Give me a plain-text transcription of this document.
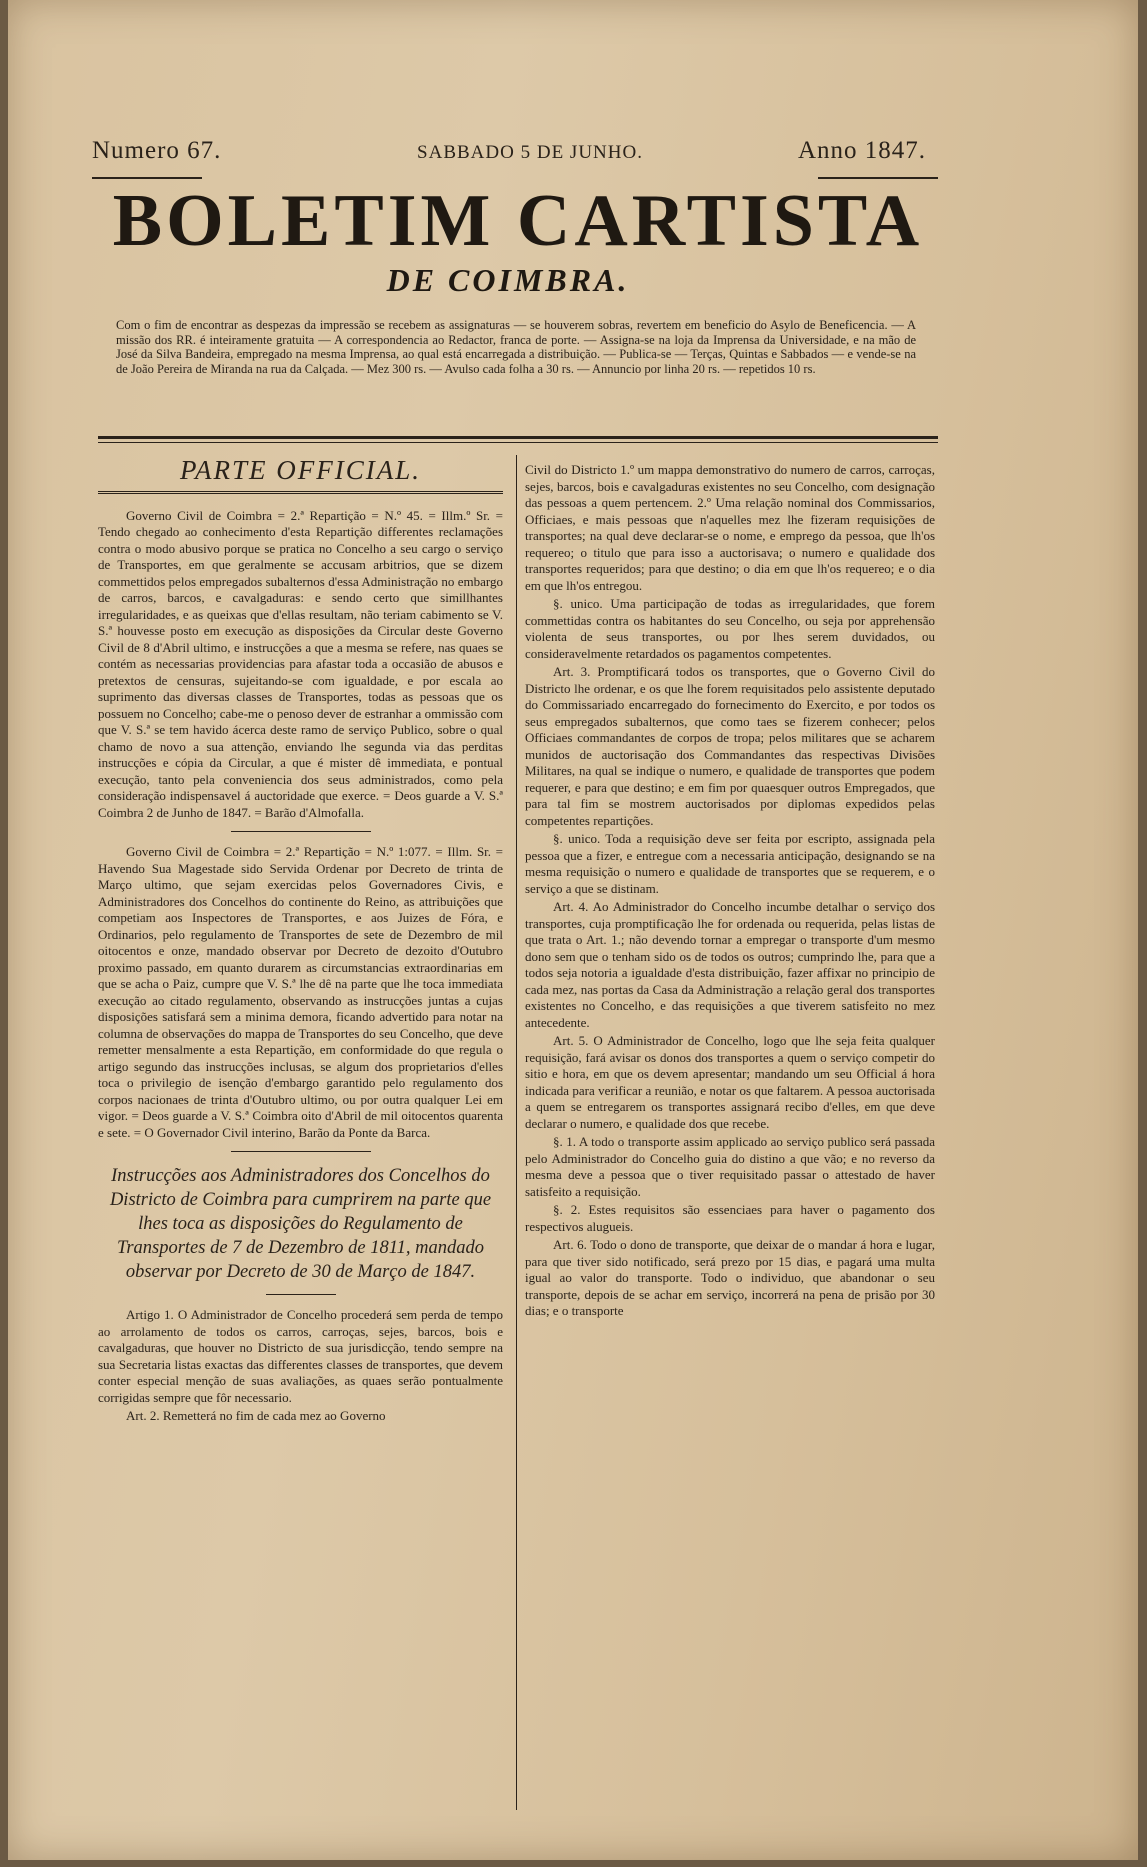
Numero 67.	SABBADO 5 DE JUNHO.	Anno 1847.
BOLETIM CARTISTA
DE COIMBRA.
Com o fim de encontrar as despezas da impressão se recebem as assignaturas — se houverem sobras, revertem em beneficio do Asylo de Beneficencia. — A missão dos RR. é inteiramente gratuita — A correspondencia ao Redactor, franca de porte. — Assigna-se na loja da Imprensa da Universidade, e na mão de José da Silva Bandeira, empregado na mesma Imprensa, ao qual está encarregada a distribuição. — Publica-se — Terças, Quintas e Sabbados — e vende-se na de João Pereira de Miranda na rua da Calçada. — Mez 300 rs. — Avulso cada folha a 30 rs. — Annuncio por linha 20 rs. — repetidos 10 rs.
PARTE OFFICIAL.

Governo Civil de Coimbra = 2.ª Repartição = N.º 45. = Illm.º Sr. = Tendo chegado ao conhecimento d'esta Repartição differentes reclamações contra o modo abusivo porque se pratica no Concelho a seu cargo o serviço de Transportes, em que geralmente se accusam arbitrios, que se dizem commettidos pelos empregados subalternos d'essa Administração no embargo de carros, barcos, e cavalgaduras: e sendo certo que simillhantes irregularidades, e as queixas que d'ellas resultam, não teriam cabimento se V. S.ª houvesse posto em execução as disposições da Circular deste Governo Civil de 8 d'Abril ultimo, e instrucções a que a mesma se refere, nas quaes se contém as necessarias providencias para afastar toda a occasião de abusos e pretextos de censuras, sujeitando-se com igualdade, e por escala ao suprimento das diversas classes de Transportes, todas as pessoas que os possuem no Concelho; cabe-me o penoso dever de estranhar a ommissão com que V. S.ª se tem havido ácerca deste ramo de serviço Publico, sobre o qual chamo de novo a sua attenção, enviando lhe segunda via das perditas instrucções e cópia da Circular, a que é mister dê immediata, e pontual execução, tanto pela conveniencia dos seus administrados, como pela consideração indispensavel á auctoridade que exerce. = Deos guarde a V. S.ª Coimbra 2 de Junho de 1847. = Barão d'Almofalla.

Governo Civil de Coimbra = 2.ª Repartição = N.º 1:077. = Illm. Sr. = Havendo Sua Magestade sido Servida Ordenar por Decreto de trinta de Março ultimo, que sejam exercidas pelos Governadores Civis, e Administradores dos Concelhos do continente do Reino, as attribuições que competiam aos Inspectores de Transportes, e aos Juizes de Fóra, e Ordinarios, pelo regulamento de Transportes de sete de Dezembro de mil oitocentos e onze, mandado observar por Decreto de dezoito d'Outubro proximo passado, em quanto durarem as circumstancias extraordinarias em que se acha o Paiz, cumpre que V. S.ª lhe dê na parte que lhe toca immediata execução ao citado regulamento, observando as instrucções juntas a cujas disposições satisfará sem a minima demora, ficando advertido para notar na columna de observações do mappa de Transportes do seu Concelho, que deve remetter mensalmente a esta Repartição, em conformidade do que regula o artigo segundo das instrucções inclusas, se algum dos proprietarios d'elles toca o privilegio de isenção d'embargo garantido pelo regulamento dos corpos nacionaes de trinta d'Outubro ultimo, ou por outra qualquer Lei em vigor. = Deos guarde a V. S.ª Coimbra oito d'Abril de mil oitocentos quarenta e sete. = O Governador Civil interino, Barão da Ponte da Barca.

Instrucções aos Administradores dos Concelhos do Districto de Coimbra para cumprirem na parte que lhes toca as disposições do Regulamento de Transportes de 7 de Dezembro de 1811, mandado observar por Decreto de 30 de Março de 1847.

Artigo 1. O Administrador de Concelho procederá sem perda de tempo ao arrolamento de todos os carros, carroças, sejes, barcos, bois e cavalgaduras, que houver no Districto de sua jurisdicção, tendo sempre na sua Secretaria listas exactas das differentes classes de transportes, que devem conter especial menção de suas avaliações, as quaes serão pontualmente corrigidas sempre que fôr necessario.

Art. 2. Remetterá no fim de cada mez ao Governo

Civil do Districto 1.º um mappa demonstrativo do numero de carros, carroças, sejes, barcos, bois e cavalgaduras existentes no seu Concelho, com designação das pessoas a quem pertencem. 2.º Uma relação nominal dos Commissarios, Officiaes, e mais pessoas que n'aquelles mez lhe fizeram requisições de transportes; na qual deve declarar-se o nome, e emprego da pessoa, que lh'os requereo; o titulo que para isso a auctorisava; o numero e qualidade dos transportes requeridos; para que destino; o dia em que lh'os requereo; e o dia em que lh'os entregou.

§. unico. Uma participação de todas as irregularidades, que forem commettidas contra os habitantes do seu Concelho, ou seja por apprehensão violenta de seus transportes, ou por lhes serem duvidados, ou consideravelmente retardados os pagamentos competentes.

Art. 3. Promptificará todos os transportes, que o Governo Civil do Districto lhe ordenar, e os que lhe forem requisitados pelo assistente deputado do Commissariado encarregado do fornecimento do Exercito, e por todos os seus empregados subalternos, que como taes se fizerem conhecer; pelos Officiaes commandantes de corpos de tropa; pelos militares que se acharem munidos de auctorisação dos Commandantes das respectivas Divisões Militares, na qual se indique o numero, e qualidade de transportes que podem requerer, e para que destino; e em fim por quaesquer outros Empregados, que para tal fim se mostrem auctorisados por diplomas expedidos pelas competentes repartições.

§. unico. Toda a requisição deve ser feita por escripto, assignada pela pessoa que a fizer, e entregue com a necessaria anticipação, designando se na mesma requisição o numero e qualidade de transportes que se requerem, e o serviço a que se distinam.

Art. 4. Ao Administrador do Concelho incumbe detalhar o serviço dos transportes, cuja promptificação lhe for ordenada ou requerida, pelas listas de que trata o Art. 1.; não devendo tornar a empregar o transporte d'um mesmo dono sem que o tenham sido os de todos os outros; cumprindo lhe, para que a todos seja notoria a igualdade d'esta distribuição, fazer affixar no principio de cada mez, nas portas da Casa da Administração a relação geral dos transportes existentes no Concelho, e das requisições a que tiverem satisfeito no mez antecedente.

Art. 5. O Administrador de Concelho, logo que lhe seja feita qualquer requisição, fará avisar os donos dos transportes a quem o serviço competir do sitio e hora, em que os devem apresentar; mandando um seu Official á hora indicada para verificar a reunião, e notar os que faltarem. A pessoa auctorisada a quem se entregarem os transportes assignará recibo d'elles, em que deve declarar o numero, e qualidade dos que recebe.

§. 1. A todo o transporte assim applicado ao serviço publico será passada pelo Administrador do Concelho guia do distino a que vão; e no reverso da mesma deve a pessoa que o tiver requisitado passar o attestado de haver satisfeito a requisição.

§. 2. Estes requisitos são essenciaes para haver o pagamento dos respectivos alugueis.

Art. 6. Todo o dono de transporte, que deixar de o mandar á hora e lugar, para que tiver sido notificado, será prezo por 15 dias, e pagará uma multa igual ao valor do transporte. Todo o individuo, que abandonar o seu transporte, depois de se achar em serviço, incorrerá na pena de prisão por 30 dias; e o transporte
